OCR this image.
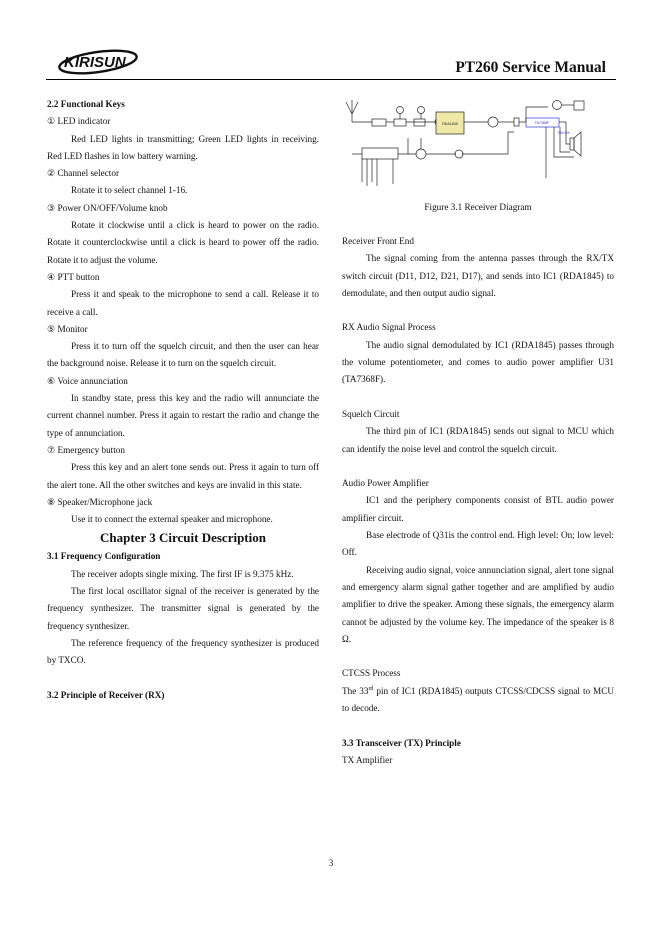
KIRISUN	PT260 Service Manual

2.2 Functional Keys

① LED indicator

Red LED lights in transmitting; Green LED lights in receiving. Red LED flashes in low battery warning.

② Channel selector

Rotate it to select channel 1-16.

③ Power ON/OFF/Volume knob

Rotate it clockwise until a click is heard to power on the radio. Rotate it counterclockwise until a click is heard to power off the radio. Rotate it to adjust the volume.

④ PTT button

Press it and speak to the microphone to send a call. Release it to receive a call.

⑤ Monitor

Press it to turn off the squelch circuit, and then the user can hear the background noise. Release it to turn on the squelch circuit.

⑥ Voice annunciation

In standby state, press this key and the radio will annunciate the current channel number. Press it again to restart the radio and change the type of annunciation.

⑦ Emergency button

Press this key and an alert tone sends out. Press it again to turn off the alert tone. All the other switches and keys are invalid in this state.

⑧ Speaker/Microphone jack

Use it to connect the external speaker and microphone.

Chapter 3 Circuit Description

3.1 Frequency Configuration

The receiver adopts single mixing. The first IF is 9.375 kHz.

The first local oscillator signal of the receiver is generated by the frequency synthesizer. The transmitter signal is generated by the frequency synthesizer.

The reference frequency of the frequency synthesizer is produced by TXCO.

3.2 Principle of Receiver (RX)

RDA1845	TA7368F
SW-RX
Figure 3.1 Receiver Diagram

Receiver Front End

The signal coming from the antenna passes through the RX/TX switch circuit (D11, D12, D21, D17), and sends into IC1 (RDA1845) to demodulate, and then output audio signal.

RX Audio Signal Process

The audio signal demodulated by IC1 (RDA1845) passes through the volume potentiometer, and comes to audio power amplifier U31 (TA7368F).

Squelch Circuit

The third pin of IC1 (RDA1845) sends out signal to MCU which can identify the noise level and control the squelch circuit.

Audio Power Amplifier

IC1 and the periphery components consist of BTL audio power amplifier circuit.

Base electrode of Q31is the control end. High level: On; low level: Off.

Receiving audio signal, voice annunciation signal, alert tone signal and emergency alarm signal gather together and are amplified by audio amplifier to drive the speaker. Among these signals, the emergency alarm cannot be adjusted by the volume key. The impedance of the speaker is 8 Ω.

CTCSS Process

The 33rd pin of IC1 (RDA1845) outputs CTCSS/CDCSS signal to MCU to decode.

3.3 Transceiver (TX) Principle

TX Amplifier

3
